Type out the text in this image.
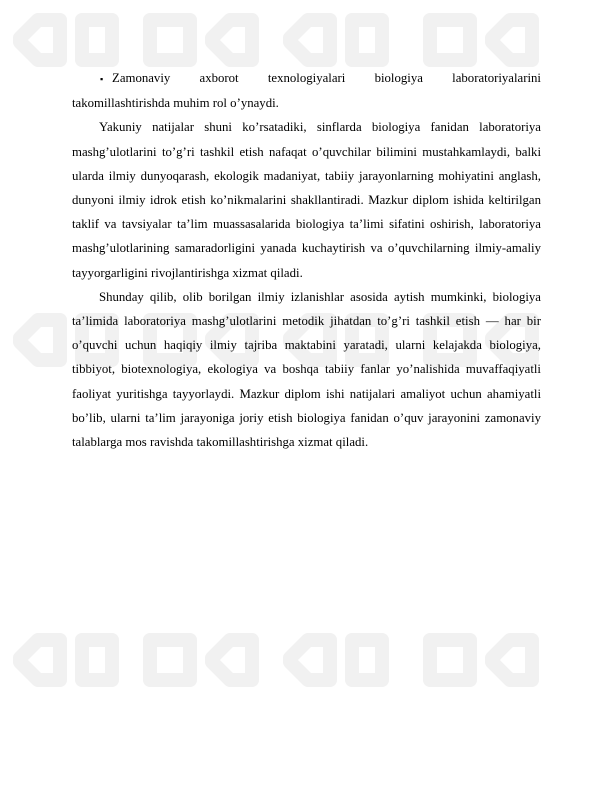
▪ Zamonaviy axborot texnologiyalari biologiya laboratoriyalarini

takomillashtirishda muhim rol o’ynaydi.

Yakuniy natijalar shuni ko’rsatadiki, sinflarda biologiya fanidan laboratoriya mashg’ulotlarini to’g’ri tashkil etish nafaqat o’quvchilar bilimini mustahkamlaydi, balki ularda ilmiy dunyoqarash, ekologik madaniyat, tabiiy jarayonlarning mohiyatini anglash, dunyoni ilmiy idrok etish ko’nikmalarini shakllantiradi. Mazkur diplom ishida keltirilgan taklif va tavsiyalar ta’lim muassasalarida biologiya ta’limi sifatini oshirish, laboratoriya mashg’ulotlarining samaradorligini yanada kuchaytirish va o’quvchilarning ilmiy-amaliy tayyorgarligini rivojlantirishga xizmat qiladi.

Shunday qilib, olib borilgan ilmiy izlanishlar asosida aytish mumkinki, biologiya ta’limida laboratoriya mashg’ulotlarini metodik jihatdan to’g’ri tashkil etish — har bir o’quvchi uchun haqiqiy ilmiy tajriba maktabini yaratadi, ularni kelajakda biologiya, tibbiyot, biotexnologiya, ekologiya va boshqa tabiiy fanlar yo’nalishida muvaffaqiyatli faoliyat yuritishga tayyorlaydi. Mazkur diplom ishi natijalari amaliyot uchun ahamiyatli bo’lib, ularni ta’lim jarayoniga joriy etish biologiya fanidan o’quv jarayonini zamonaviy talablarga mos ravishda takomillashtirishga xizmat qiladi.
